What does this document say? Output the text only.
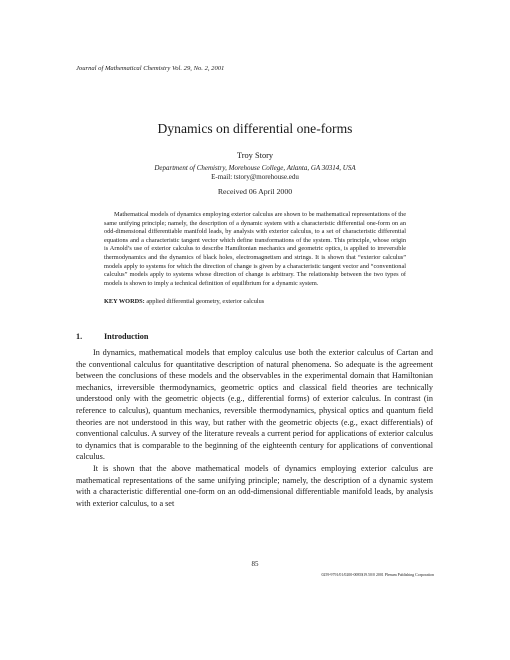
Journal of Mathematical Chemistry Vol. 29, No. 2, 2001
Dynamics on differential one-forms
Troy Story
Department of Chemistry, Morehouse College, Atlanta, GA 30314, USA
E-mail: tstory@morehouse.edu
Received 06 April 2000

Mathematical models of dynamics employing exterior calculus are shown to be mathematical representations of the same unifying principle; namely, the description of a dynamic system with a characteristic differential one-form on an odd-dimensional differentiable manifold leads, by analysis with exterior calculus, to a set of characteristic differential equations and a characteristic tangent vector which define transformations of the system. This principle, whose origin is Arnold’s use of exterior calculus to describe Hamiltonian mechanics and geometric optics, is applied to irreversible thermodynamics and the dynamics of black holes, electromagnetism and strings. It is shown that “exterior calculus” models apply to systems for which the direction of change is given by a characteristic tangent vector and “conventional calculus” models apply to systems whose direction of change is arbitrary. The relationship between the two types of models is shown to imply a technical definition of equilibrium for a dynamic system.

KEY WORDS: applied differential geometry, exterior calculus
1.	Introduction

In dynamics, mathematical models that employ calculus use both the exterior calculus of Cartan and the conventional calculus for quantitative description of natural phenomena. So adequate is the agreement between the conclusions of these models and the observables in the experimental domain that Hamiltonian mechanics, irreversible thermodynamics, geometric optics and classical field theories are technically understood only with the geometric objects (e.g., differential forms) of exterior calculus. In contrast (in reference to calculus), quantum mechanics, reversible thermodynamics, physical optics and quantum field theories are not understood in this way, but rather with the geometric objects (e.g., exact differentials) of conventional calculus. A survey of the literature reveals a current period for applications of exterior calculus to dynamics that is comparable to the beginning of the eighteenth century for applications of conventional calculus.

It is shown that the above mathematical models of dynamics employing exterior calculus are mathematical representations of the same unifying principle; namely, the description of a dynamic system with a characteristic differential one-form on an odd-dimensional differentiable manifold leads, by analysis with exterior calculus, to a set

85
0259-9791/01/0200-0085$19.50/0 2001 Plenum Publishing Corporation
